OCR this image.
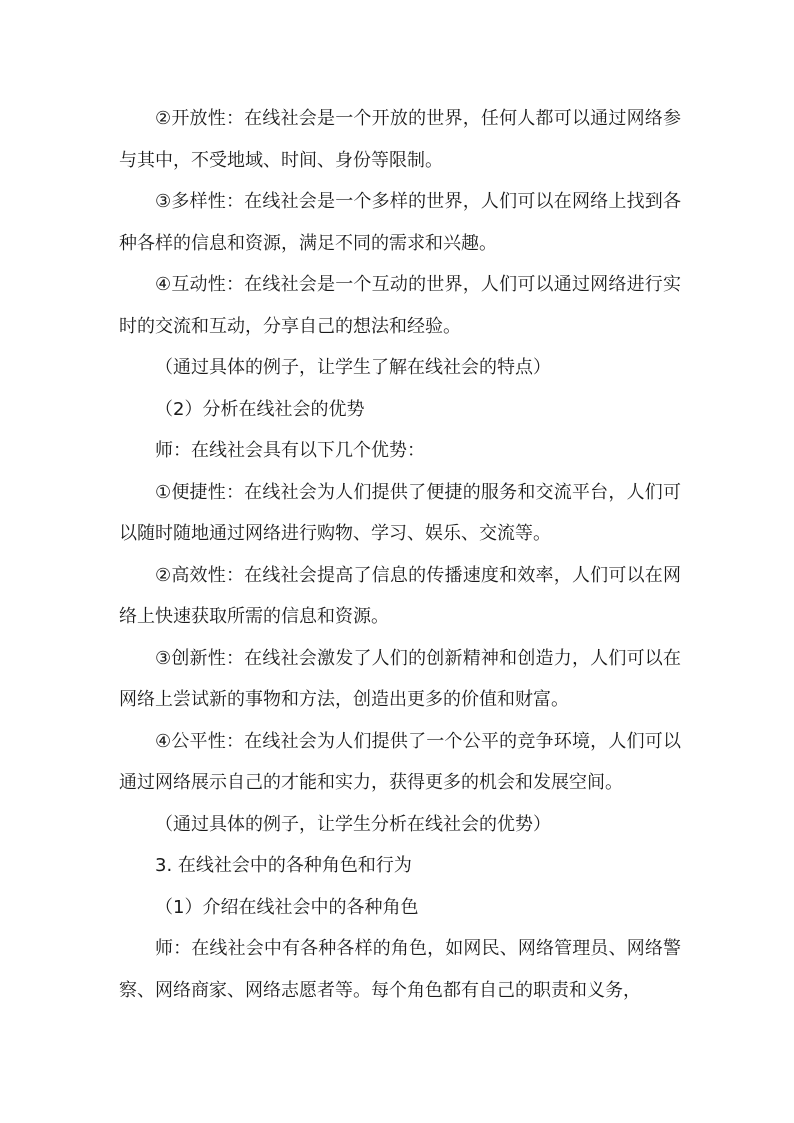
②开放性：在线社会是一个开放的世界，任何人都可以通过网络参与其中，不受地域、时间、身份等限制。

③多样性：在线社会是一个多样的世界，人们可以在网络上找到各种各样的信息和资源，满足不同的需求和兴趣。

④互动性：在线社会是一个互动的世界，人们可以通过网络进行实时的交流和互动，分享自己的想法和经验。

（通过具体的例子，让学生了解在线社会的特点）

（2）分析在线社会的优势

师：在线社会具有以下几个优势：

①便捷性：在线社会为人们提供了便捷的服务和交流平台，人们可以随时随地通过网络进行购物、学习、娱乐、交流等。

②高效性：在线社会提高了信息的传播速度和效率，人们可以在网络上快速获取所需的信息和资源。

③创新性：在线社会激发了人们的创新精神和创造力，人们可以在网络上尝试新的事物和方法，创造出更多的价值和财富。

④公平性：在线社会为人们提供了一个公平的竞争环境，人们可以通过网络展示自己的才能和实力，获得更多的机会和发展空间。

（通过具体的例子，让学生分析在线社会的优势）

3. 在线社会中的各种角色和行为

（1）介绍在线社会中的各种角色

师：在线社会中有各种各样的角色，如网民、网络管理员、网络警察、网络商家、网络志愿者等。每个角色都有自己的职责和义务，
